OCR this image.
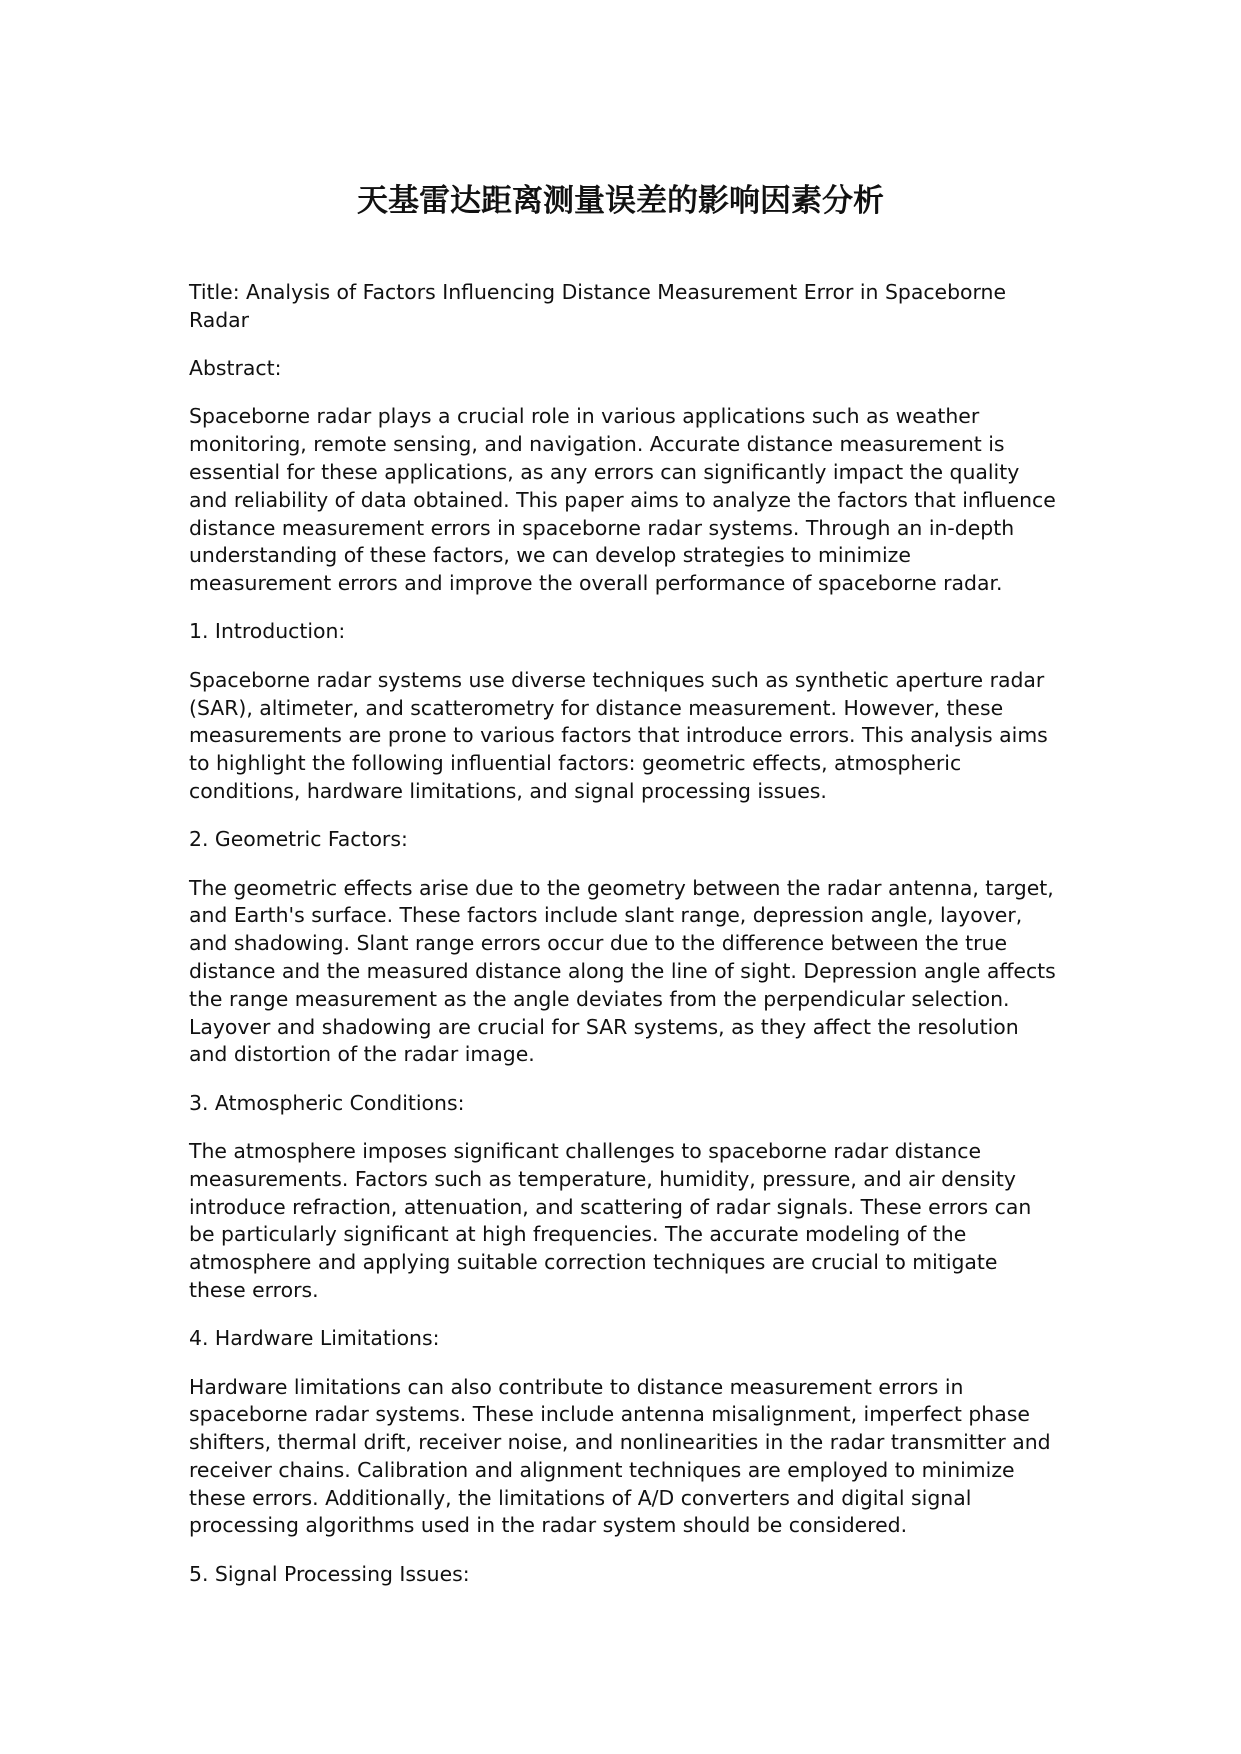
天基雷达距离测量误差的影响因素分析

Title: Analysis of Factors Influencing Distance Measurement Error in Spaceborne Radar

Abstract:

Spaceborne radar plays a crucial role in various applications such as weather monitoring, remote sensing, and navigation. Accurate distance measurement is essential for these applications, as any errors can significantly impact the quality and reliability of data obtained. This paper aims to analyze the factors that influence distance measurement errors in spaceborne radar systems. Through an in-depth understanding of these factors, we can develop strategies to minimize measurement errors and improve the overall performance of spaceborne radar.

1. Introduction:

Spaceborne radar systems use diverse techniques such as synthetic aperture radar (SAR), altimeter, and scatterometry for distance measurement. However, these measurements are prone to various factors that introduce errors. This analysis aims to highlight the following influential factors: geometric effects, atmospheric conditions, hardware limitations, and signal processing issues.

2. Geometric Factors:

The geometric effects arise due to the geometry between the radar antenna, target, and Earth's surface. These factors include slant range, depression angle, layover, and shadowing. Slant range errors occur due to the difference between the true distance and the measured distance along the line of sight. Depression angle affects the range measurement as the angle deviates from the perpendicular selection. Layover and shadowing are crucial for SAR systems, as they affect the resolution and distortion of the radar image.

3. Atmospheric Conditions:

The atmosphere imposes significant challenges to spaceborne radar distance measurements. Factors such as temperature, humidity, pressure, and air density introduce refraction, attenuation, and scattering of radar signals. These errors can be particularly significant at high frequencies. The accurate modeling of the atmosphere and applying suitable correction techniques are crucial to mitigate these errors.

4. Hardware Limitations:

Hardware limitations can also contribute to distance measurement errors in spaceborne radar systems. These include antenna misalignment, imperfect phase shifters, thermal drift, receiver noise, and nonlinearities in the radar transmitter and receiver chains. Calibration and alignment techniques are employed to minimize these errors. Additionally, the limitations of A/D converters and digital signal processing algorithms used in the radar system should be considered.

5. Signal Processing Issues:
